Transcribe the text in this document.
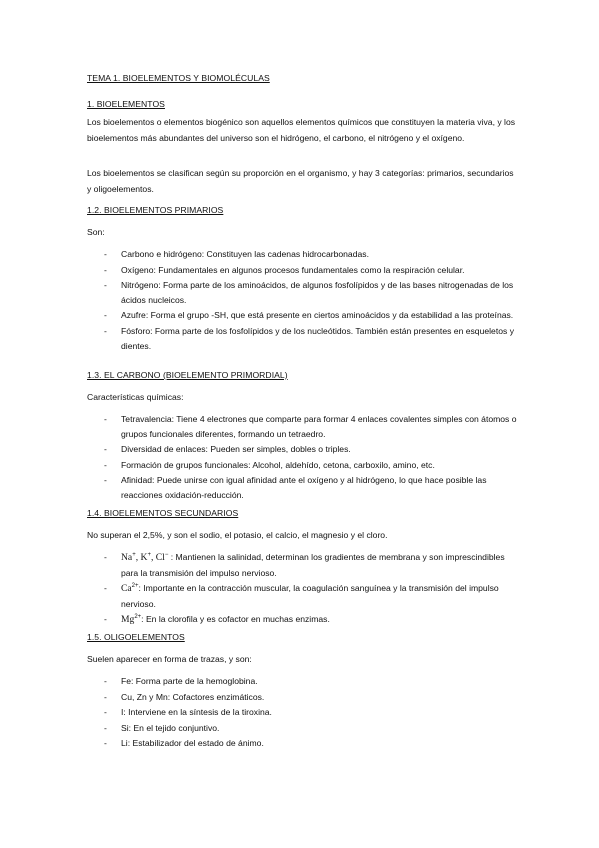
TEMA 1. BIOELEMENTOS Y BIOMOLÉCULAS
1. BIOELEMENTOS
Los bioelementos o elementos biogénico son aquellos elementos químicos que constituyen la materia viva, y los bioelementos más abundantes del universo son el hidrógeno, el carbono, el nitrógeno y el oxígeno.
Los bioelementos se clasifican según su proporción en el organismo, y hay 3 categorías: primarios, secundarios y oligoelementos.
1.2. BIOELEMENTOS PRIMARIOS
Son:
- Carbono e hidrógeno: Constituyen las cadenas hidrocarbonadas.
- Oxígeno: Fundamentales en algunos procesos fundamentales como la respiración celular.
- Nitrógeno: Forma parte de los aminoácidos, de algunos fosfolípidos y de las bases nitrogenadas de los ácidos nucleicos.
- Azufre: Forma el grupo -SH, que está presente en ciertos aminoácidos y da estabilidad a las proteínas.
- Fósforo: Forma parte de los fosfolípidos y de los nucleótidos. También están presentes en esqueletos y dientes.
1.3. EL CARBONO (BIOELEMENTO PRIMORDIAL)
Características químicas:
- Tetravalencia: Tiene 4 electrones que comparte para formar 4 enlaces covalentes simples con átomos o grupos funcionales diferentes, formando un tetraedro.
- Diversidad de enlaces: Pueden ser simples, dobles o triples.
- Formación de grupos funcionales: Alcohol, aldehído, cetona, carboxilo, amino, etc.
- Afinidad: Puede unirse con igual afinidad ante el oxígeno y al hidrógeno, lo que hace posible las reacciones oxidación-reducción.
1.4. BIOELEMENTOS SECUNDARIOS
No superan el 2,5%, y son el sodio, el potasio, el calcio, el magnesio y el cloro.
- Na+, K+, Cl− : Mantienen la salinidad, determinan los gradientes de membrana y son imprescindibles para la transmisión del impulso nervioso.
- $Ca^{2+}$: Importante en la contracción muscular, la coagulación sanguínea y la transmisión del impulso nervioso.
- $Mg^{2+}$: En la clorofila y es cofactor en muchas enzimas.
1.5. OLIGOELEMENTOS
Suelen aparecer en forma de trazas, y son:
- Fe: Forma parte de la hemoglobina.
- Cu, Zn y Mn: Cofactores enzimáticos.
- I: Interviene en la síntesis de la tiroxina.
- Si: En el tejido conjuntivo.
- Li: Estabilizador del estado de ánimo.
